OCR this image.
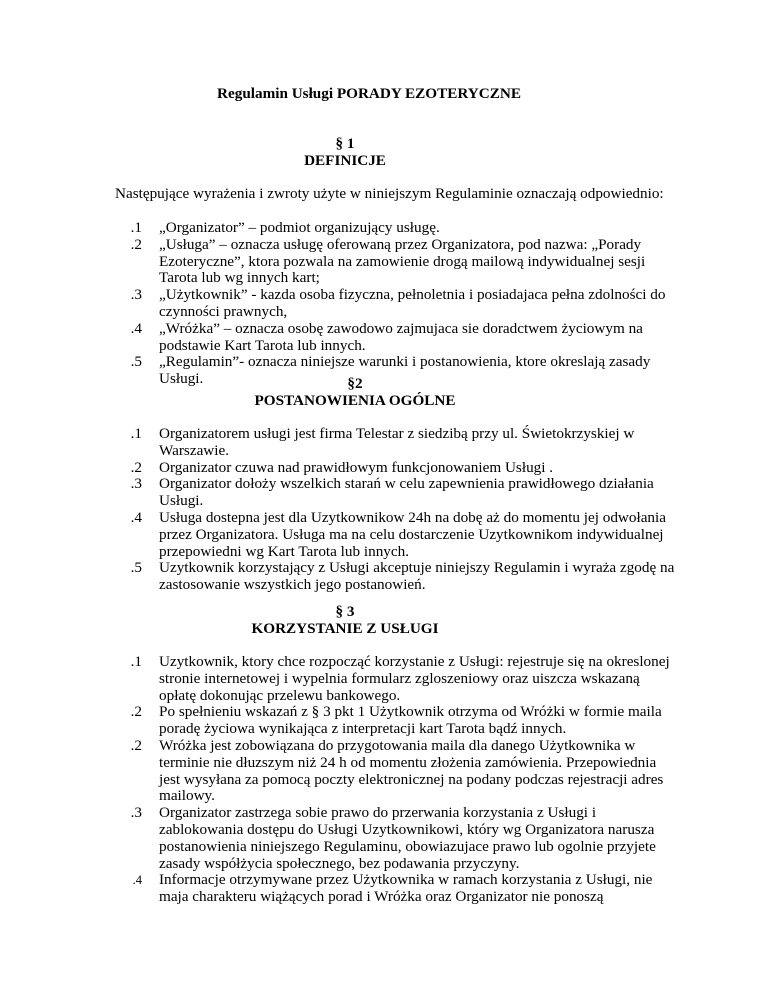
Regulamin Usługi PORADY EZOTERYCZNE

§ 1

DEFINICJE

Następujące wyrażenia i zwroty użyte w niniejszym Regulaminie oznaczają odpowiednio:

1. „Organizator” – podmiot organizujący usługę.
2. „Usługa” – oznacza usługę oferowaną przez Organizatora, pod nazwa: „Porady Ezoteryczne”, ktora pozwala na zamowienie drogą mailową indywidualnej sesji Tarota lub wg innych kart;
3. „Użytkownik” - kazda osoba fizyczna, pełnoletnia i posiadajaca pełna zdolności do czynności prawnych,
4. „Wróżka” – oznacza osobę zawodowo zajmujaca sie doradctwem życiowym na podstawie Kart Tarota lub innych.
5. „Regulamin”- oznacza niniejsze warunki i postanowienia, ktore okreslają zasady Usługi.	§2

POSTANOWIENIA OGÓLNE

1. Organizatorem usługi jest firma Telestar z siedzibą przy ul. Świetokrzyskiej w Warszawie.
2. Organizator czuwa nad prawidłowym funkcjonowaniem Usługi .
3. Organizator dołoży wszelkich starań w celu zapewnienia prawidłowego działania Usługi.
4. Usługa dostepna jest dla Uzytkownikow 24h na dobę aż do momentu jej odwołania przez Organizatora. Usługa ma na celu dostarczenie Uzytkownikom indywidualnej przepowiedni wg Kart Tarota lub innych.
5. Uzytkownik korzystający z Usługi akceptuje niniejszy Regulamin i wyraża zgodę na zastosowanie wszystkich jego postanowień.

§ 3

KORZYSTANIE Z USŁUGI

1. Uzytkownik, ktory chce rozpocząć korzystanie z Usługi: rejestruje się na okreslonej stronie internetowej i wypelnia formularz zgloszeniowy oraz uiszcza wskazaną opłatę dokonując przelewu bankowego.
2. Po spełnieniu wskazań z § 3 pkt 1 Użytkownik otrzyma od Wróżki w formie maila poradę życiowa wynikająca z interpretacji kart Tarota bądź innych.
2. Wróżka jest zobowiązana do przygotowania maila dla danego Użytkownika w terminie nie dłuzszym niż 24 h od momentu złożenia zamówienia. Przepowiednia jest wysyłana za pomocą poczty elektronicznej na podany podczas rejestracji adres mailowy.
3. Organizator zastrzega sobie prawo do przerwania korzystania z Usługi i zablokowania dostępu do Usługi Uzytkownikowi, który wg Organizatora narusza postanowienia niniejszego Regulaminu, obowiazujace prawo lub ogolnie przyjete zasady współżycia społecznego, bez podawania przyczyny.
4. Informacje otrzymywane przez Użytkownika w ramach korzystania z Usługi, nie maja charakteru wiążących porad i Wróżka oraz Organizator nie ponoszą
